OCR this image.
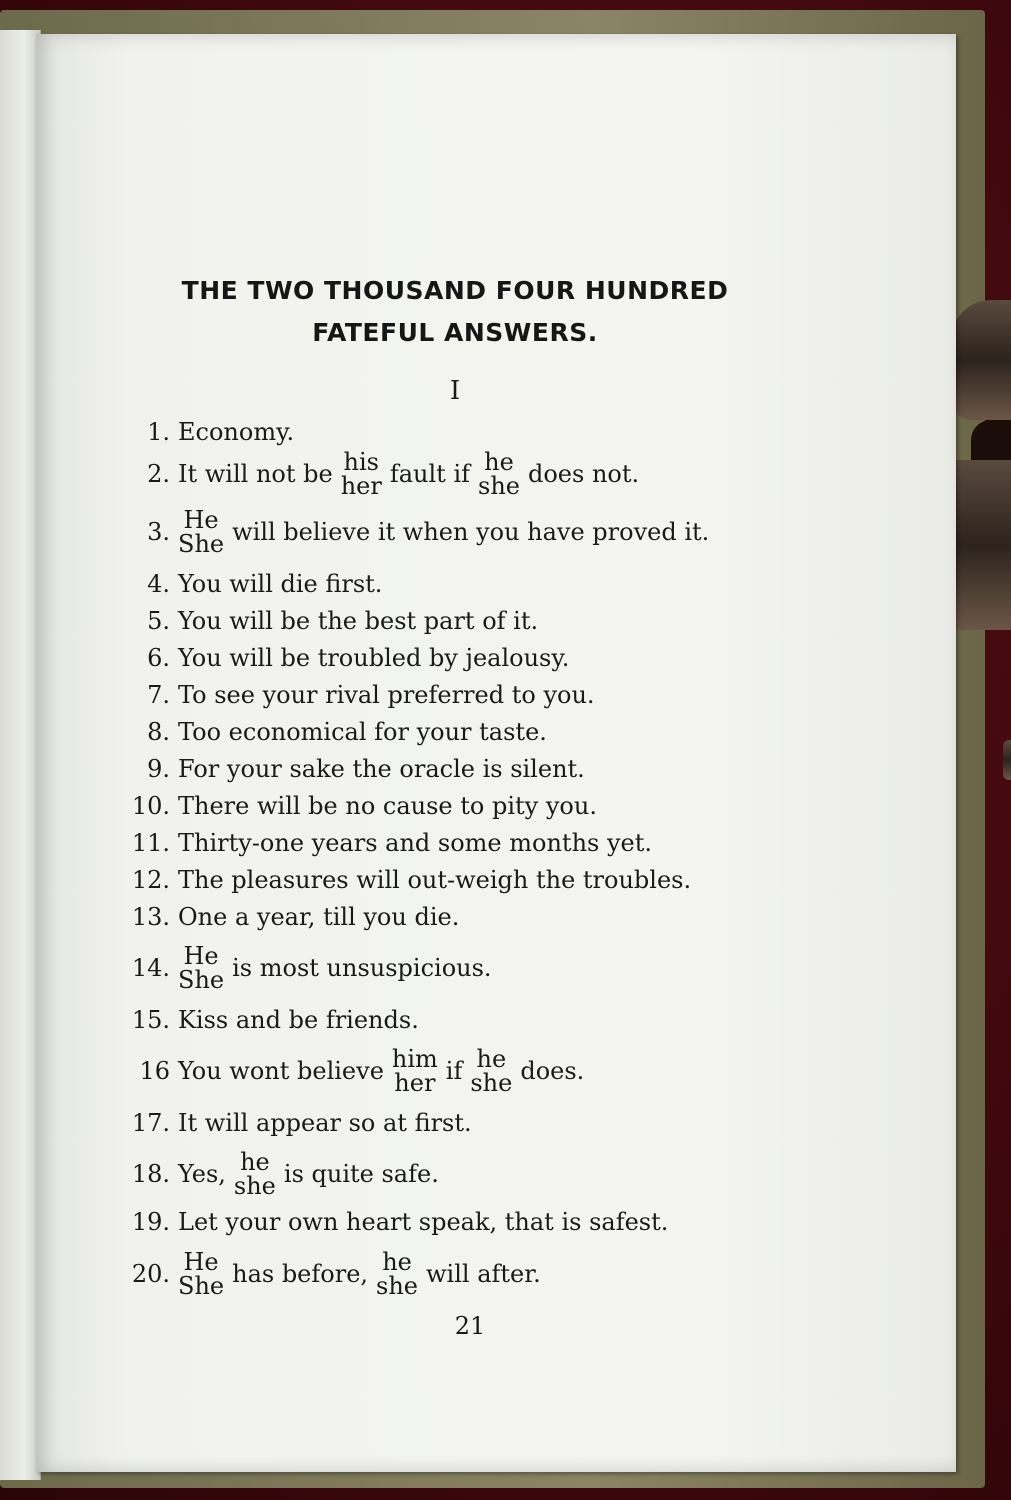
THE TWO THOUSAND FOUR HUNDRED
FATEFUL ANSWERS.
I
1. Economy.
2. It will not be his
her fault if he
she does not.
3. He
She will believe it when you have proved it.
4. You will die first.
5. You will be the best part of it.
6. You will be troubled by jealousy.
7. To see your rival preferred to you.
8. Too economical for your taste.
9. For your sake the oracle is silent.
10. There will be no cause to pity you.
11. Thirty-one years and some months yet.
12. The pleasures will out-weigh the troubles.
13. One a year, till you die.
14. He
She is most unsuspicious.
15. Kiss and be friends.
16 You wont believe him
her if he
she does.
17. It will appear so at first.
18. Yes, he
she is quite safe.
19. Let your own heart speak, that is safest.
20. He
She has before, he
she will after.
21
